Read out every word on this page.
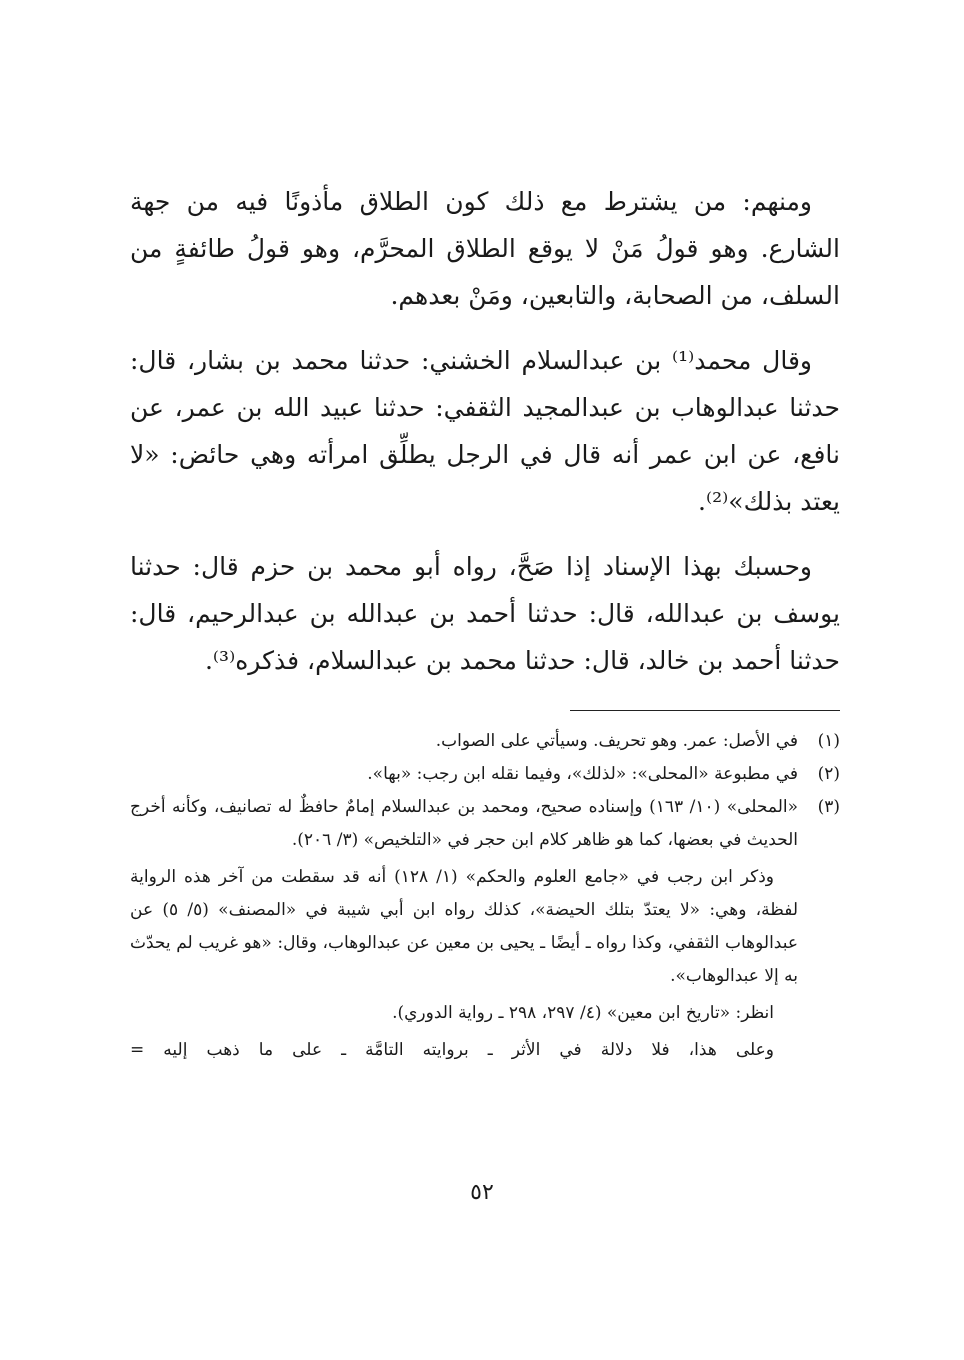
ومنهم: من يشترط مع ذلك كون الطلاق مأذونًا فيه من جهة الشارع. وهو قولُ مَنْ لا يوقع الطلاق المحرَّم، وهو قولُ طائفةٍ من السلف، من الصحابة، والتابعين، ومَنْ بعدهم.

وقال محمد⁽¹⁾ بن عبدالسلام الخشني: حدثنا محمد بن بشار، قال: حدثنا عبدالوهاب بن عبدالمجيد الثقفي: حدثنا عبيد الله بن عمر، عن نافع، عن ابن عمر أنه قال في الرجل يطلِّق امرأته وهي حائض: «لا يعتد بذلك»⁽²⁾.

وحسبك بهذا الإسناد إذا صَحَّ، رواه أبو محمد بن حزم قال: حدثنا يوسف بن عبدالله، قال: حدثنا أحمد بن عبدالله بن عبدالرحيم، قال: حدثنا أحمد بن خالد، قال: حدثنا محمد بن عبدالسلام، فذكره⁽³⁾.

(١)
في الأصل: عمر. وهو تحريف. وسيأتي على الصواب.
(٢)
في مطبوعة «المحلى»: «لذلك»، وفيما نقله ابن رجب: «بها».
(٣)
«المحلى» (١٠/ ١٦٣) وإسناده صحيح، ومحمد بن عبدالسلام إمامٌ حافظٌ له تصانيف، وكأنه أخرج الحديث في بعضها، كما هو ظاهر كلام ابن حجر في «التلخيص» (٣/ ٢٠٦).

وذكر ابن رجب في «جامع العلوم والحكم» (١/ ١٢٨) أنه قد سقطت من آخر هذه الرواية لفظة، وهي: «لا يعتدّ بتلك الحيضة»، كذلك رواه ابن أبي شيبة في «المصنف» (٥/ ٥) عن عبدالوهاب الثقفي، وكذا رواه ـ أيضًا ـ يحيى بن معين عن عبدالوهاب، وقال: «هو غريب لم يحدّث به إلا عبدالوهاب».

انظر: «تاريخ ابن معين» (٤/ ٢٩٧، ٢٩٨ ـ رواية الدوري).

وعلى هذا، فلا دلالة في الأثر ـ بروايته التامَّة ـ على ما ذهب إليه =

٥٢
